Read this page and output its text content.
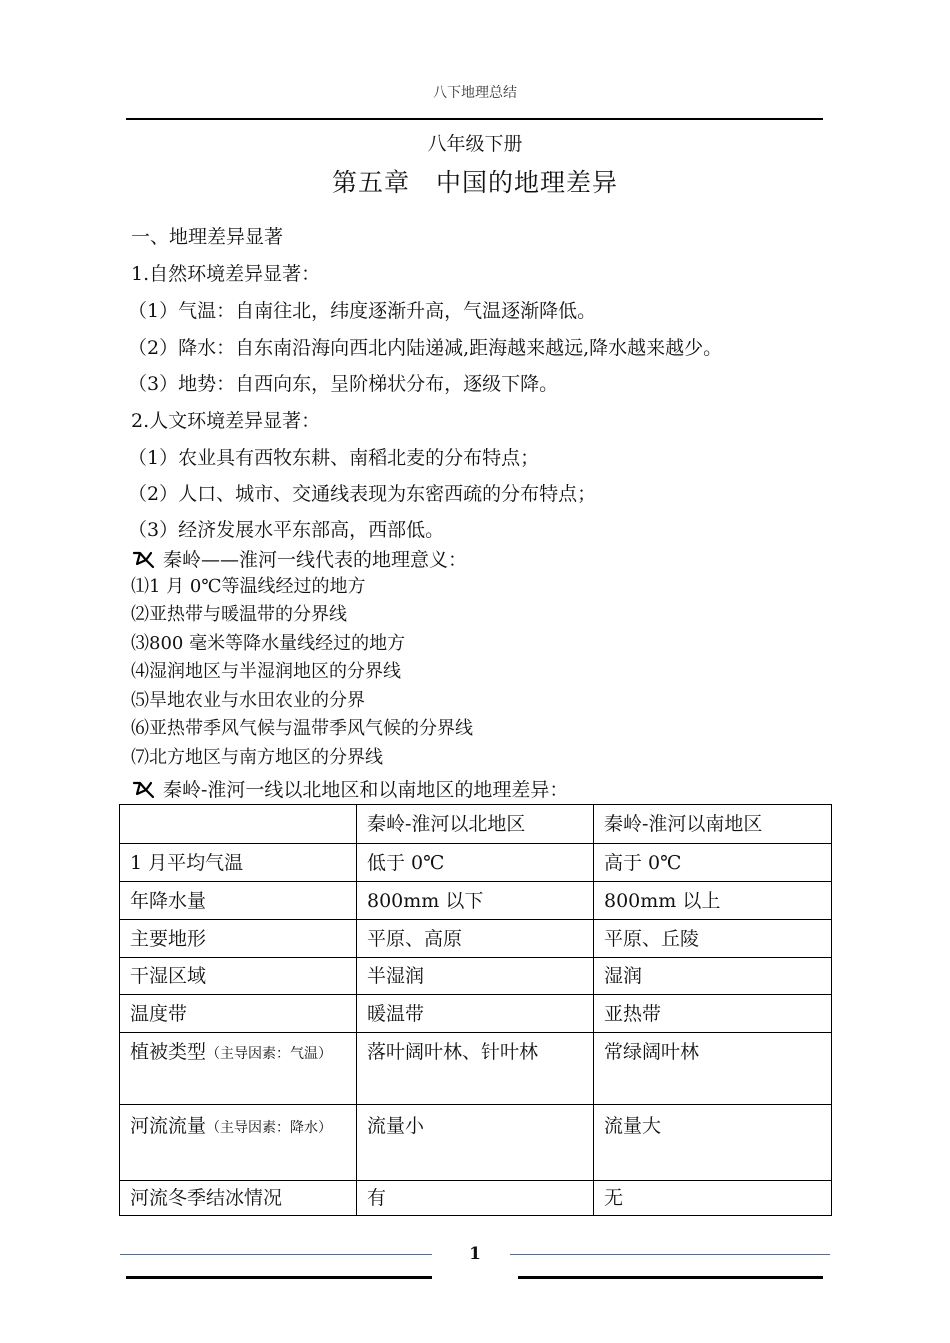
八下地理总结
八年级下册
第五章　中国的地理差异
一、地理差异显著
1.自然环境差异显著：
（1）气温：自南往北，纬度逐渐升高，气温逐渐降低。
（2）降水：自东南沿海向西北内陆递减,距海越来越远,降水越来越少。
（3）地势：自西向东，呈阶梯状分布，逐级下降。
2.人文环境差异显著：
（1）农业具有西牧东耕、南稻北麦的分布特点；
（2）人口、城市、交通线表现为东密西疏的分布特点；
（3）经济发展水平东部高，西部低。
秦岭——淮河一线代表的地理意义：
⑴1 月 0℃等温线经过的地方
⑵亚热带与暖温带的分界线
⑶800 毫米等降水量线经过的地方
⑷湿润地区与半湿润地区的分界线
⑸旱地农业与水田农业的分界
⑹亚热带季风气候与温带季风气候的分界线
⑺北方地区与南方地区的分界线
秦岭-淮河一线以北地区和以南地区的地理差异：
	秦岭-淮河以北地区	秦岭-淮河以南地区
1 月平均气温	低于 0℃	高于 0℃
年降水量	800mm 以下	800mm 以上
主要地形	平原、高原	平原、丘陵
干湿区域	半湿润	湿润
温度带	暖温带	亚热带
植被类型（主导因素：气温）	落叶阔叶林、针叶林	常绿阔叶林
河流流量（主导因素：降水）	流量小	流量大
河流冬季结冰情况	有	无
1
